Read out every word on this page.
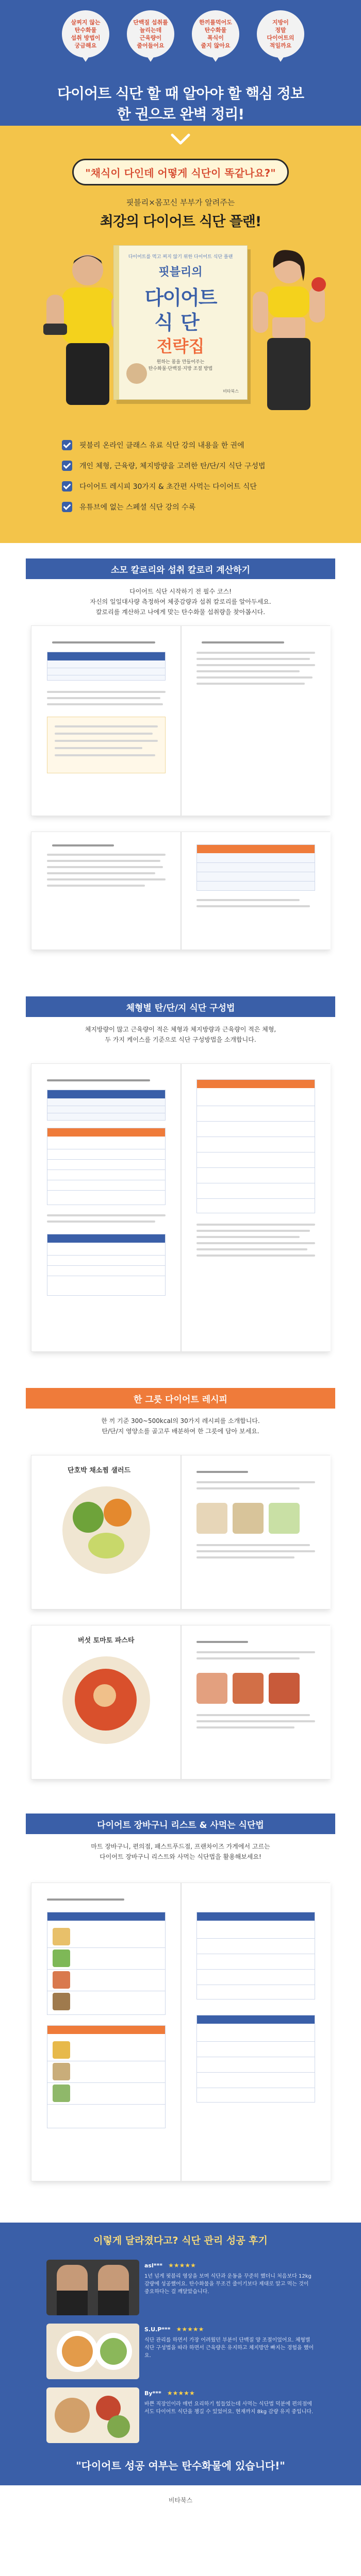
살찌지 않는
탄수화물
섭취 방법이
궁금해요
단백질 섭취를
늘리는데
근육량이
줄어들어요
한끼를먹어도
탄수화물
폭식이
줄지 않아요
지방이
정말
다이어트의
적일까요
다이어트 식단 할 때 알아야 할 핵심 정보
한 권으로 완벽 정리!
"채식이 다인데 어떻게 식단이 똑같나요?"
핏블리×몸꼬신 부부가 알려주는
최강의 다이어트 식단 플랜!
다이어트를 먹고 찌지 않기 위한 다이어트 식단 플랜
핏블리의
다이어트
식단
전략집
원하는 몸을 만들어주는
탄수화물·단백질·지방 조절 방법
비타북스
핏블리 온라인 클래스 유료 식단 강의 내용을 한 권에
개인 체형, 근육량, 체지방량을 고려한 탄/단/지 식단 구성법
다이어트 레시피 30가지 & 초간편 사먹는 다이어트 식단
유튜브에 없는 스페셜 식단 강의 수록
소모 칼로리와 섭취 칼로리 계산하기
다이어트 식단 시작하기 전 필수 코스!
자신의 일일대사량 측정하여 체중감량과 섭취 칼로리를 알아두세요.
칼로리를 계산하고 나에게 맞는 탄수화물 섭취량을 찾아봅시다.
체형별 탄/단/지 식단 구성법
체지방량이 많고 근육량이 적은 체형과 체지방량과 근육량이 적은 체형,
두 가지 케이스를 기준으로 식단 구성방법을 소개합니다.
한 그릇 다이어트 레시피
한 끼 기준 300~500kcal의 30가지 레시피를 소개합니다.
탄/단/지 영양소를 골고루 배분하여 한 그릇에 담아 보세요.
단호박 채소찜 샐러드
버섯 토마토 파스타
다이어트 장바구니 리스트 & 사먹는 식단법
마트 장바구니, 편의점, 패스트푸드점, 프랜차이즈 가게에서 고르는
다이어트 장바구니 리스트와 사먹는 식단법을 활용해보세요!
이렇게 달라졌다고? 식단 관리 성공 후기
asl*** ★★★★★
1년 넘게 핏블리 영상을 보며 식단과 운동을 꾸준히 했더니 처음보다 12kg 감량에 성공했어요. 탄수화물을 무조건 줄이기보다 제대로 알고 먹는 것이 중요하다는 걸 깨달았습니다.
S.U.P*** ★★★★★
식단 관리를 하면서 가장 어려웠던 부분이 단백질 양 조절이었어요. 체형별 식단 구성법을 따라 하면서 근육량은 유지하고 체지방만 빠지는 경험을 했어요.
By*** ★★★★★
바쁜 직장인이라 매번 요리하기 힘들었는데 사먹는 식단법 덕분에 편의점에서도 다이어트 식단을 챙길 수 있었어요. 현재까지 8kg 감량 유지 중입니다.
"다이어트 성공 여부는 탄수화물에 있습니다!"
비타북스
